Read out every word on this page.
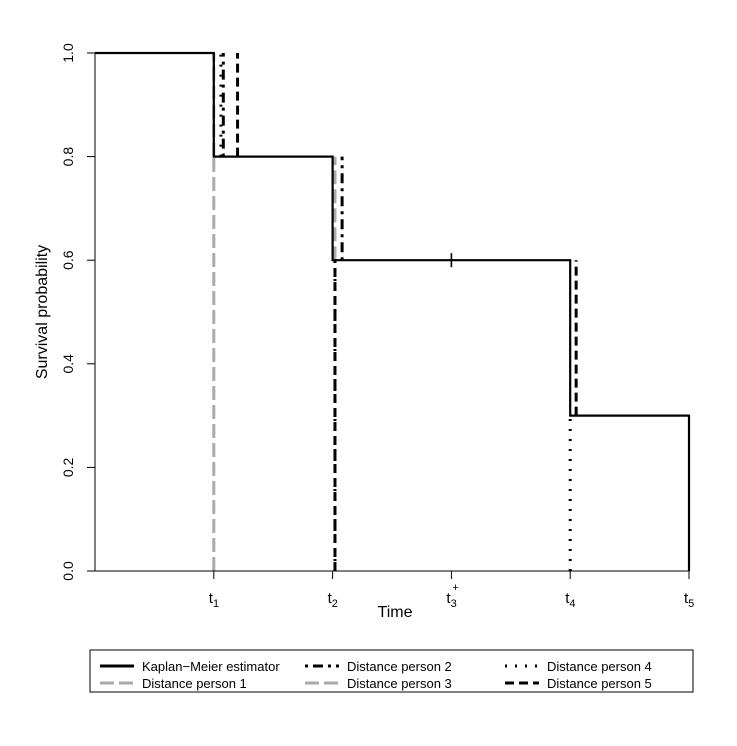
$t_1$	$t_2$	$t_3$
+
$t_4$	$t_5$
0.0
0.2
0.4
0.6
0.8
1.0
Time
Survival probability
Kaplan−Meier estimator
Distance person 1
Distance person 2
Distance person 3
Distance person 4
Distance person 5
